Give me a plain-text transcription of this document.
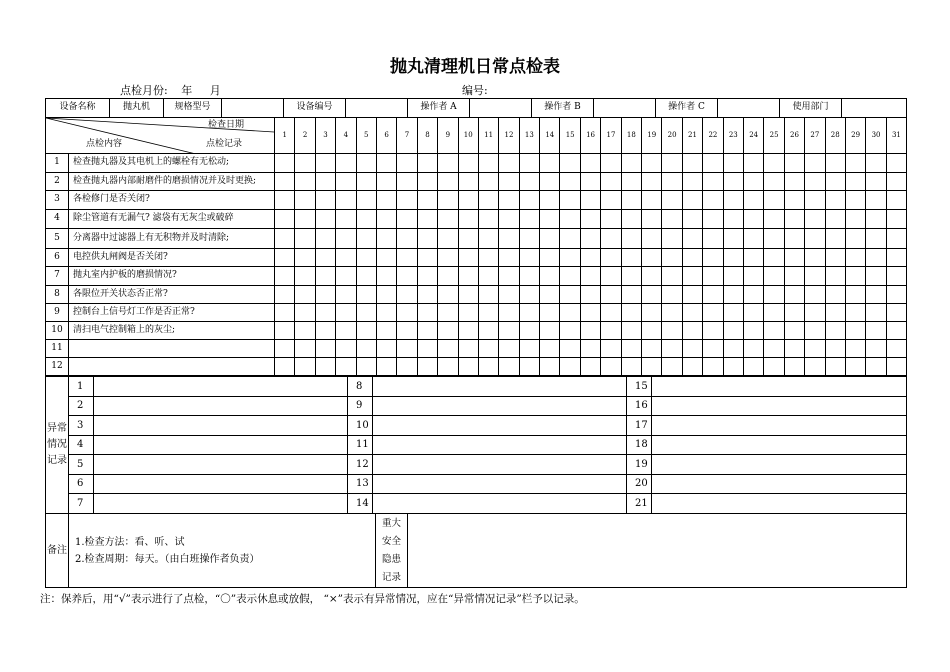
抛丸清理机日常点检表
点检月份: 年 月	编号:
设备名称	抛丸机	规格型号		设备编号		操作者 A		操作者 B		操作者 C		使用部门	
检查日期
点检内容 点检记录		1	2	3	4	5	6	7	8	9	10	11	12	13	14	15	16	17	18	19	20	21	22	23	24	25	26	27	28	29	30	31
1	检查抛丸器及其电机上的螺栓有无松动;																															
2	检查抛丸器内部耐磨件的磨损情况并及时更换;																															
3	各检修门是否关闭?																															
4	除尘管道有无漏气? 滤袋有无灰尘或破碎																															
5	分离器中过滤器上有无积物并及时清除;																															
6	电控供丸闸阀是否关闭?																															
7	抛丸室内护板的磨损情况?																															
8	各限位开关状态否正常?																															
9	控制台上信号灯工作是否正常?																															
10	清扫电气控制箱上的灰尘;																															
11																																
12																																
异常情况记录	1		8		15	
	2		9		16	
	3		10		17	
	4		11		18	
	5		12		19	
	6		13		20	
	7		14		21	
备注	
1.检查方法：看、听、试
2.检查周期：每天。（由白班操作者负责）
	重大安全隐患记录	
注：保养后，用“√”表示进行了点检，“〇”表示休息或放假， “×”表示有异常情况，应在“异常情况记录”栏予以记录。
